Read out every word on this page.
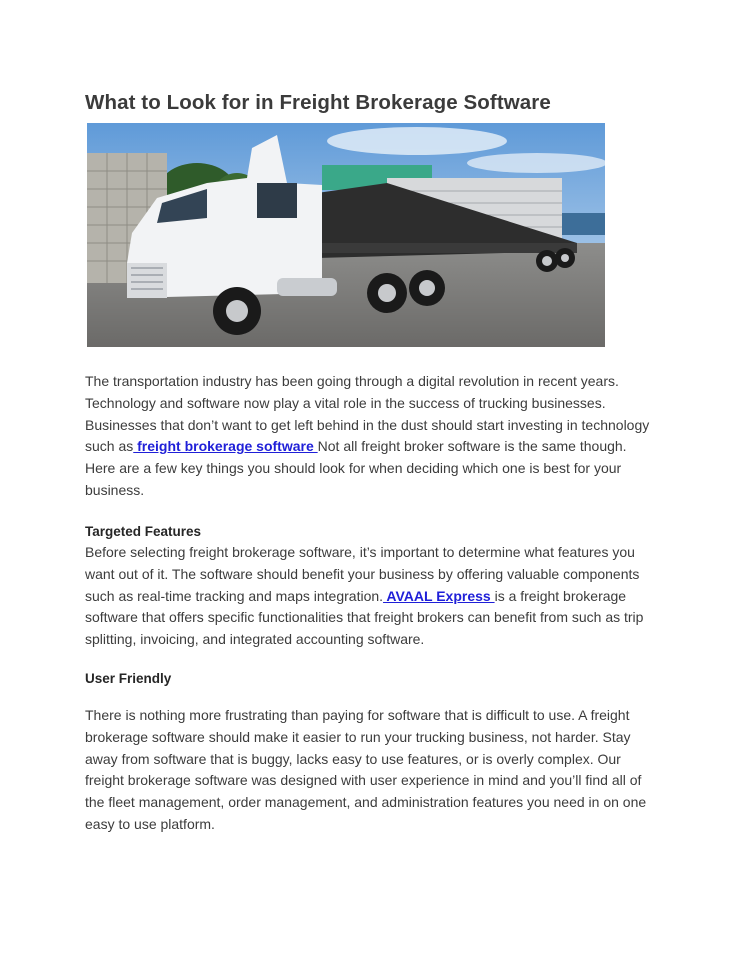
What to Look for in Freight Brokerage Software

The transportation industry has been going through a digital revolution in recent years. Technology and software now play a vital role in the success of trucking businesses. Businesses that don’t want to get left behind in the dust should start investing in technology such as freight brokerage software Not all freight broker software is the same though. Here are a few key things you should look for when deciding which one is best for your business.

Targeted Features

Before selecting freight brokerage software, it’s important to determine what features you want out of it. The software should benefit your business by offering valuable components such as real-time tracking and maps integration. AVAAL Express is a freight brokerage software that offers specific functionalities that freight brokers can benefit from such as trip splitting, invoicing, and integrated accounting software.

User Friendly

There is nothing more frustrating than paying for software that is difficult to use. A freight brokerage software should make it easier to run your trucking business, not harder. Stay away from software that is buggy, lacks easy to use features, or is overly complex. Our freight brokerage software was designed with user experience in mind and you’ll find all of the fleet management, order management, and administration features you need in on one easy to use platform.
